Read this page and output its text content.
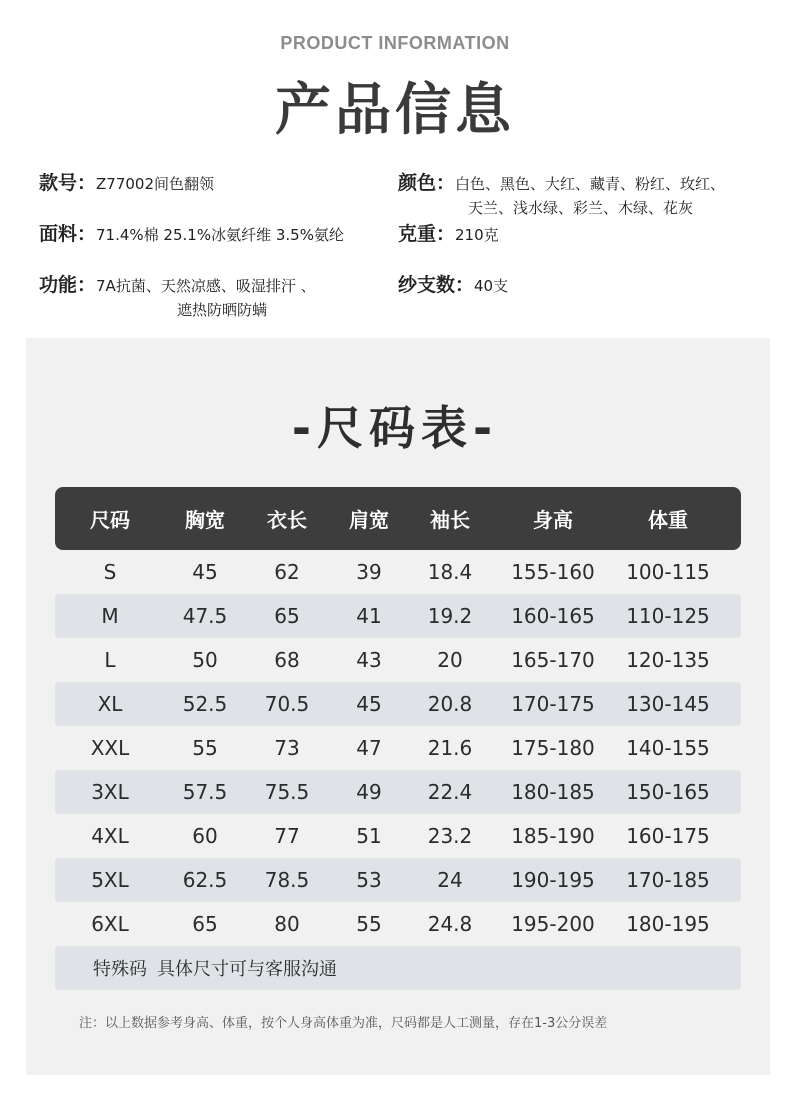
PRODUCT INFORMATION
产品信息
款号：Z77002间色翻领
面料：71.4%棉 25.1%冰氨纤维 3.5%氨纶
功能：7A抗菌、天然凉感、吸湿排汗 、
遮热防晒防螨
颜色：白色、黑色、大红、藏青、粉红、玫红、
天兰、浅水绿、彩兰、木绿、花灰
克重：210克
纱支数：40支
-尺码表-
尺码	胸宽	衣长	肩宽	袖长	身高	体重
S	45	62	39	18.4	155-160	100-115
M	47.5	65	41	19.2	160-165	110-125
L	50	68	43	20	165-170	120-135
XL	52.5	70.5	45	20.8	170-175	130-145
XXL	55	73	47	21.6	175-180	140-155
3XL	57.5	75.5	49	22.4	180-185	150-165
4XL	60	77	51	23.2	185-190	160-175
5XL	62.5	78.5	53	24	190-195	170-185
6XL	65	80	55	24.8	195-200	180-195
特殊码 具体尺寸可与客服沟通
注：以上数据参考身高、体重，按个人身高体重为准，尺码都是人工测量，存在1-3公分误差
